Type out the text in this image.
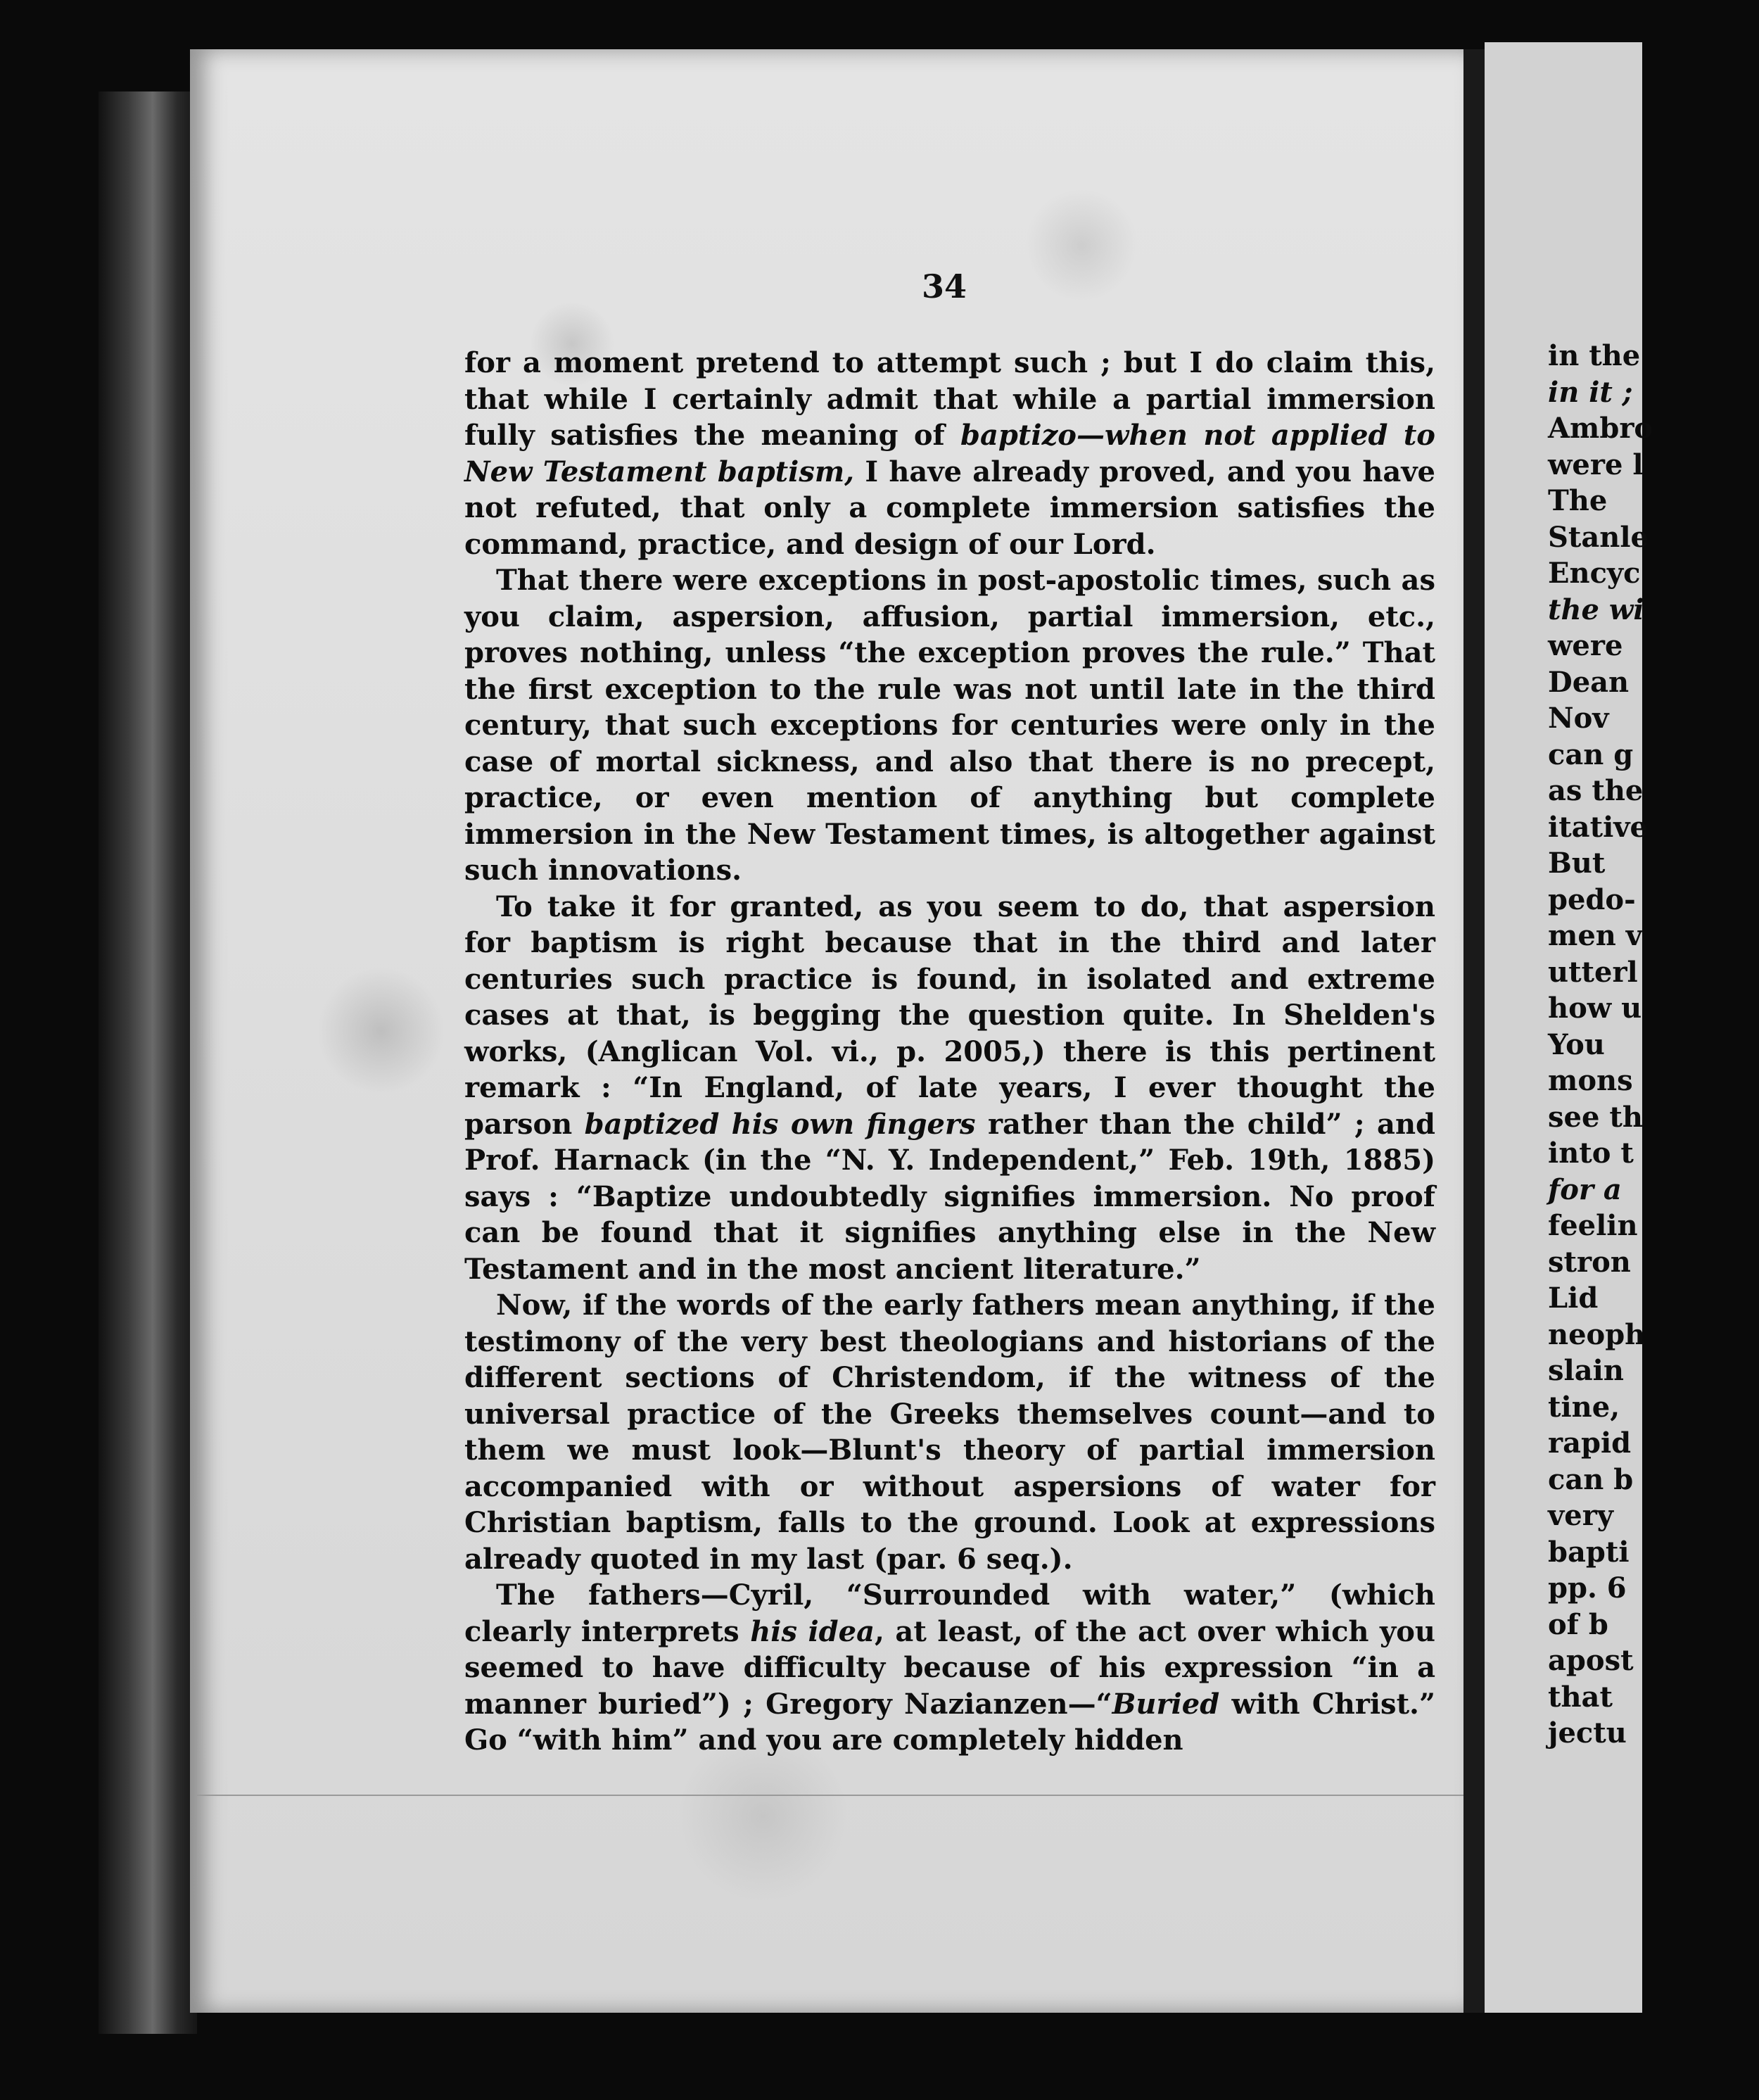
34

for a moment pretend to attempt such ; but I do claim this, that while I certainly admit that while a partial immersion fully satisfies the meaning of baptizo—when not applied to New Testament baptism, I have already proved, and you have not refuted, that only a complete immersion satisfies the command, practice, and design of our Lord.

That there were exceptions in post-apostolic times, such as you claim, aspersion, affusion, partial immersion, etc., proves nothing, unless “the exception proves the rule.” That the first exception to the rule was not until late in the third century, that such exceptions for centuries were only in the case of mortal sickness, and also that there is no precept, practice, or even mention of anything but complete immersion in the New Testament times, is altogether against such innovations.

To take it for granted, as you seem to do, that aspersion for baptism is right because that in the third and later centuries such practice is found, in isolated and extreme cases at that, is begging the question quite. In Shelden's works, (Anglican Vol. vi., p. 2005,) there is this pertinent remark : “In England, of late years, I ever thought the parson baptized his own fingers rather than the child” ; and Prof. Harnack (in the “N. Y. Independent,” Feb. 19th, 1885) says : “Baptize undoubtedly signifies immersion. No proof can be found that it signifies anything else in the New Testament and in the most ancient literature.”

Now, if the words of the early fathers mean anything, if the testimony of the very best theologians and historians of the different sections of Christendom, if the witness of the universal practice of the Greeks themselves count—and to them we must look—Blunt's theory of partial immersion accompanied with or without aspersions of water for Christian baptism, falls to the ground. Look at expressions already quoted in my last (par. 6 seq.).

The fathers—Cyril, “Surrounded with water,” (which clearly interprets his idea, at least, of the act over which you seemed to have difficulty because of his expression “in a manner buried”) ; Gregory Nazianzen—“Buried with Christ.” Go “with him” and you are completely hidden

in the
in it ;
Ambro
were l
The
Stanle
Encyc
the wi
were
Dean
Nov
can g
as the
itative
But
pedo-
men v
utterl
how u
You
mons
see th
into t
for a
feelin
stron
Lid
neoph
slain
tine,
rapid
can b
very
bapti
pp. 6
of b
apost
that
jectu
